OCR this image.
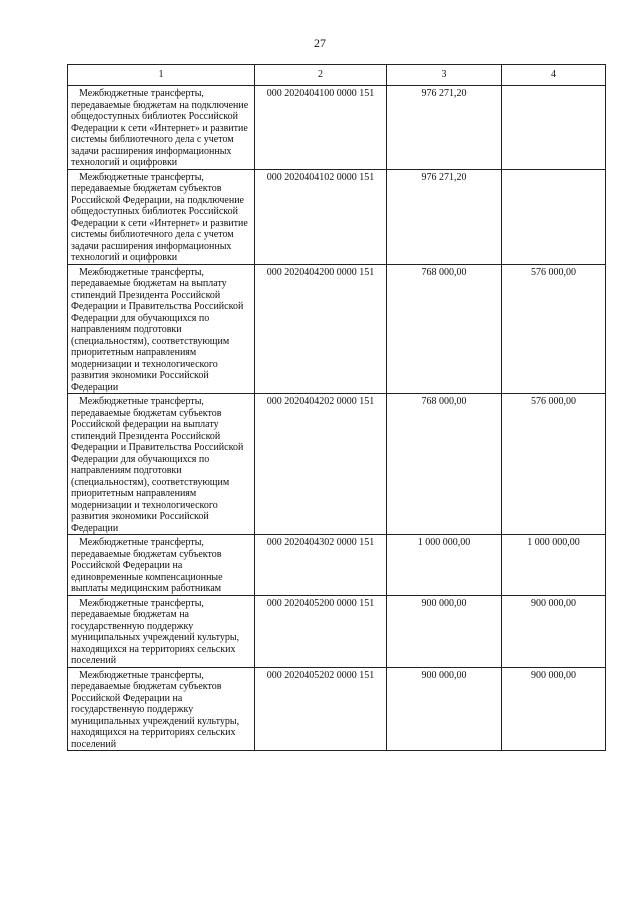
27
1	2	3	4
Межбюджетные трансферты, передаваемые бюджетам на подключение общедоступных библиотек Российской Федерации к сети «Интернет» и развитие системы библиотечного дела с учетом задачи расширения информационных технологий и оцифровки	000 2020404100 0000 151	976 271,20	
Межбюджетные трансферты, передаваемые бюджетам субъектов Российской Федерации, на подключение общедоступных библиотек Российской Федерации к сети «Интернет» и развитие системы библиотечного дела с учетом задачи расширения информационных технологий и оцифровки	000 2020404102 0000 151	976 271,20	
Межбюджетные трансферты, передаваемые бюджетам на выплату стипендий Президента Российской Федерации и Правительства Российской Федерации для обучающихся по направлениям подготовки (специальностям), соответствующим приоритетным направлениям модернизации и технологического развития экономики Российской Федерации	000 2020404200 0000 151	768 000,00	576 000,00
Межбюджетные трансферты, передаваемые бюджетам субъектов Российской федерации на выплату стипендий Президента Российской Федерации и Правительства Российской Федерации для обучающихся по направлениям подготовки (специальностям), соответствующим приоритетным направлениям модернизации и технологического развития экономики Российской Федерации	000 2020404202 0000 151	768 000,00	576 000,00
Межбюджетные трансферты, передаваемые бюджетам субъектов Российской Федерации на единовременные компенсационные выплаты медицинским работникам	000 2020404302 0000 151	1 000 000,00	1 000 000,00
Межбюджетные трансферты, передаваемые бюджетам на государственную поддержку муниципальных учреждений культуры, находящихся на территориях сельских поселений	000 2020405200 0000 151	900 000,00	900 000,00
Межбюджетные трансферты, передаваемые бюджетам субъектов Российской Федерации на государственную поддержку муниципальных учреждений культуры, находящихся на территориях сельских поселений	000 2020405202 0000 151	900 000,00	900 000,00
